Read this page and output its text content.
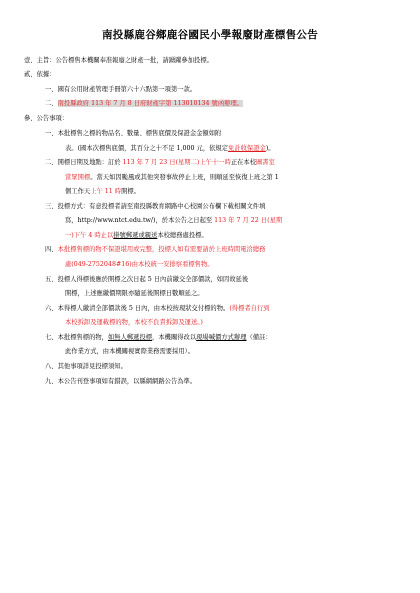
南投縣鹿谷鄉鹿谷國民小學報廢財產標售公告
壹、主旨：公告標售本機關奉准報廢之財產一批，請踴躍參加投標。
貳、依據：
一、國有公用財產管理手冊第六十六點第一項第一款。
二、南投縣政府 113 年 7 月 8 日府財產字第 113010134 號函辦理。
參、公告事項：
一、本批標售之標的物品名、數量、標售底價及保證金金額如附
表。(國本次標售底價，其百分之十不足 1,000 元，依規定免計收保證金)。
二、開標日期及地點：訂於 113 年 7 月 23 日(星期二)上午十一時正在本校圖書室
當眾開標。當天如因颱風或其他突發事故停止上班，則順延至恢復上班之第 1
個工作天上午 11 時開標。
三、投標方式：有意投標者請至南投縣教育網路中心校園公布欄下載相關文件填
寫，http://www.ntct.edu.tw/)，於本公告之日起至 113 年 7 月 22 日(星期
一)下午 4 時止以掛號郵遞或親送本校總務處投標。
四、本批標售標的物不保證堪用或完整，投標人如有需要請於上班時間電洽總務
處(049-2752048#16)由本校統一安排察看標售物。
五、投標人得標後應於開標之次日起 5 日內前繳交全部價款，如因故延後
開標，上述應繳價期限亦隨延後開標日數順延之。
六、本得標人繳清全部價款後 5 日內，由本校按現狀交付標的物。(得標者自行到
本校拆卸及運載標的物，本校不負責拆卸及運送。)
七、本批標售標的物，如無人郵遞投標，本機關得改以現場喊價方式辦理（備註：
此作業方式，由本機關視實際業務需要採用）。
八、其他事項詳見投標須知。
九、本公告刊登事項如有錯誤，以縣網網路公告為準。
